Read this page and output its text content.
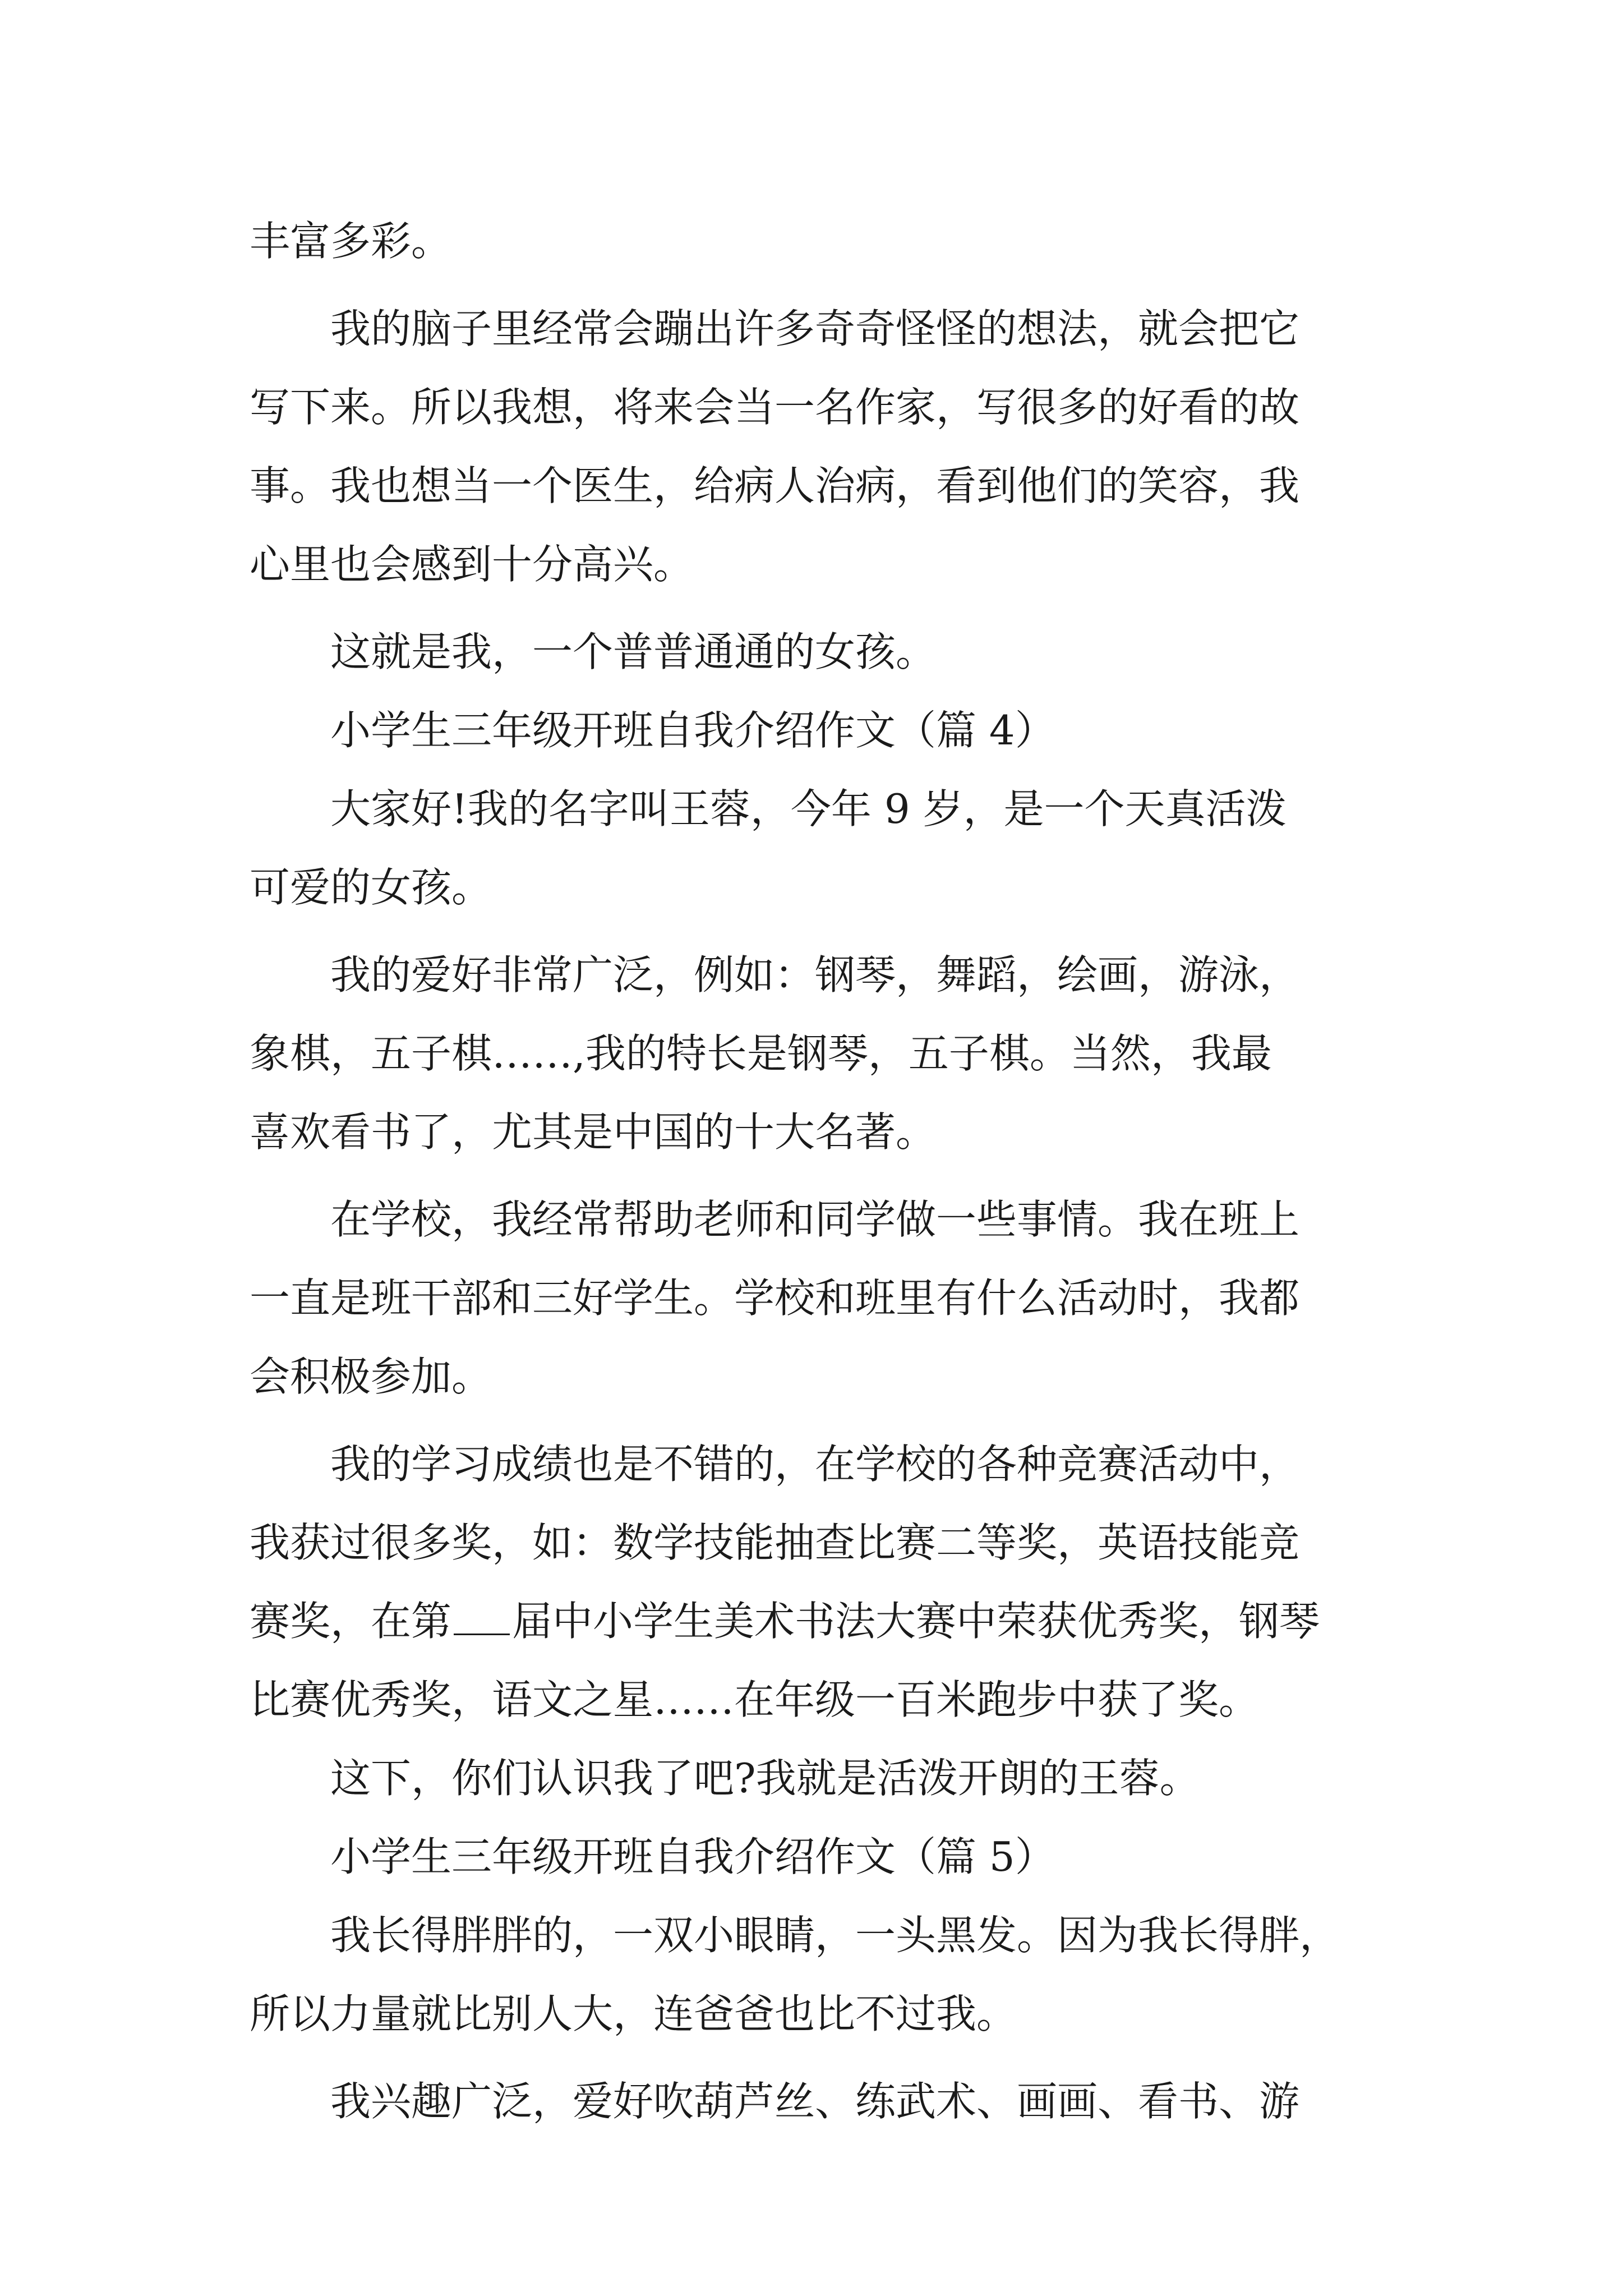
丰富多彩。
　　我的脑子里经常会蹦出许多奇奇怪怪的想法，就会把它
写下来。所以我想，将来会当一名作家，写很多的好看的故
事。我也想当一个医生，给病人治病，看到他们的笑容，我
心里也会感到十分高兴。
　　这就是我，一个普普通通的女孩。
　　小学生三年级开班自我介绍作文（篇 4）
　　大家好!我的名字叫王蓉，今年 9 岁，是一个天真活泼
可爱的女孩。
　　我的爱好非常广泛，例如：钢琴，舞蹈，绘画，游泳，
象棋，五子棋……,我的特长是钢琴，五子棋。当然，我最
喜欢看书了，尤其是中国的十大名著。
　　在学校，我经常帮助老师和同学做一些事情。我在班上
一直是班干部和三好学生。学校和班里有什么活动时，我都
会积极参加。
　　我的学习成绩也是不错的，在学校的各种竞赛活动中，
我获过很多奖，如：数学技能抽查比赛二等奖，英语技能竞
赛奖，在第 届中小学生美术书法大赛中荣获优秀奖，钢琴
比赛优秀奖，语文之星……在年级一百米跑步中获了奖。
　　这下，你们认识我了吧?我就是活泼开朗的王蓉。
　　小学生三年级开班自我介绍作文（篇 5）
　　我长得胖胖的，一双小眼睛，一头黑发。因为我长得胖，
所以力量就比别人大，连爸爸也比不过我。
　　我兴趣广泛，爱好吹葫芦丝、练武术、画画、看书、游
